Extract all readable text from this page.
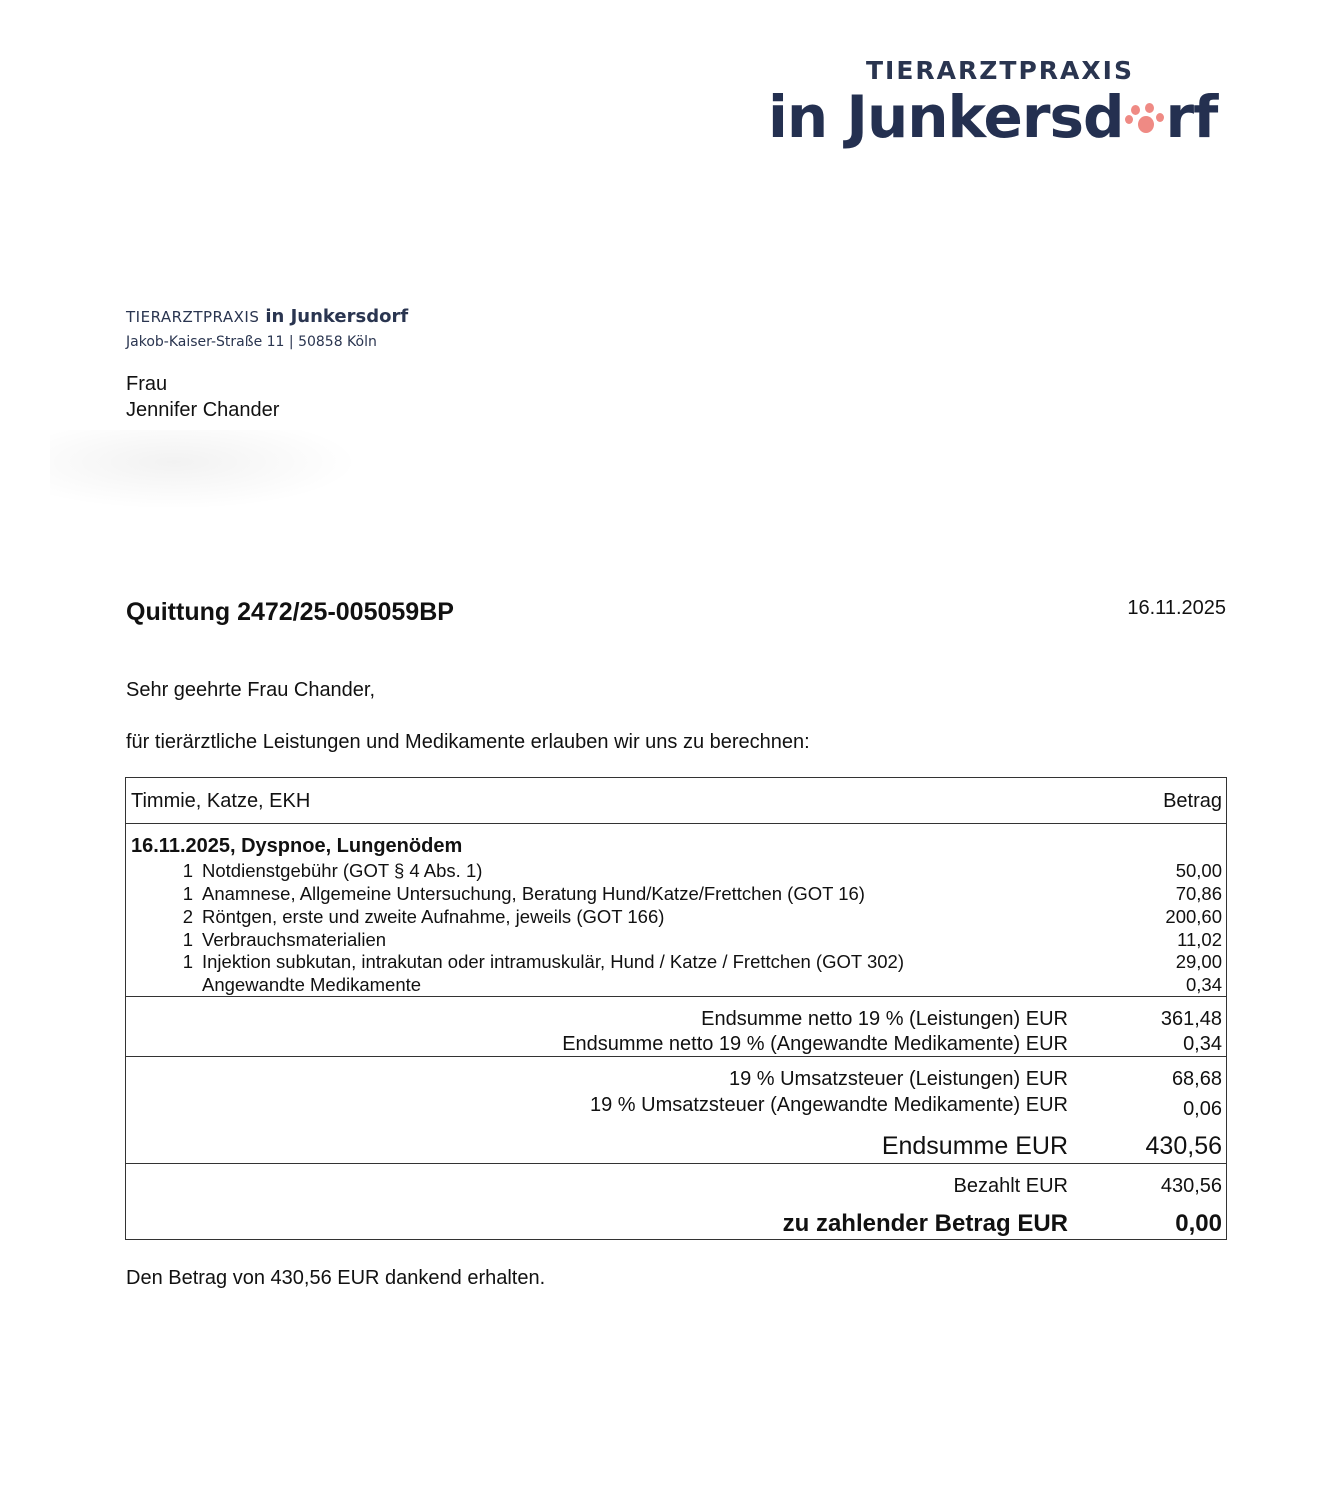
TIERARZTPRAXIS
in Junkersd rf
TIERARZTPRAXIS in Junkersdorf
Jakob-Kaiser-Straße 11 | 50858 Köln
Frau
Jennifer Chander
Quittung 2472/25-005059BP	16.11.2025
Sehr geehrte Frau Chander,
für tierärztliche Leistungen und Medikamente erlauben wir uns zu berechnen:
Timmie, Katze, EKH	Betrag
16.11.2025, Dyspnoe, Lungenödem
1 Notdienstgebühr (GOT § 4 Abs. 1)	50,00
1 Anamnese, Allgemeine Untersuchung, Beratung Hund/Katze/Frettchen (GOT 16)	70,86
2 Röntgen, erste und zweite Aufnahme, jeweils (GOT 166)	200,60
1 Verbrauchsmaterialien	11,02
1 Injektion subkutan, intrakutan oder intramuskulär, Hund / Katze / Frettchen (GOT 302)	29,00
Angewandte Medikamente	0,34
Endsumme netto 19 % (Leistungen) EUR	361,48
Endsumme netto 19 % (Angewandte Medikamente) EUR	0,34
19 % Umsatzsteuer (Leistungen) EUR	68,68
19 % Umsatzsteuer (Angewandte Medikamente) EUR	0,06
Endsumme EUR	430,56
Bezahlt EUR	430,56
zu zahlender Betrag EUR	0,00
Den Betrag von 430,56 EUR dankend erhalten.
